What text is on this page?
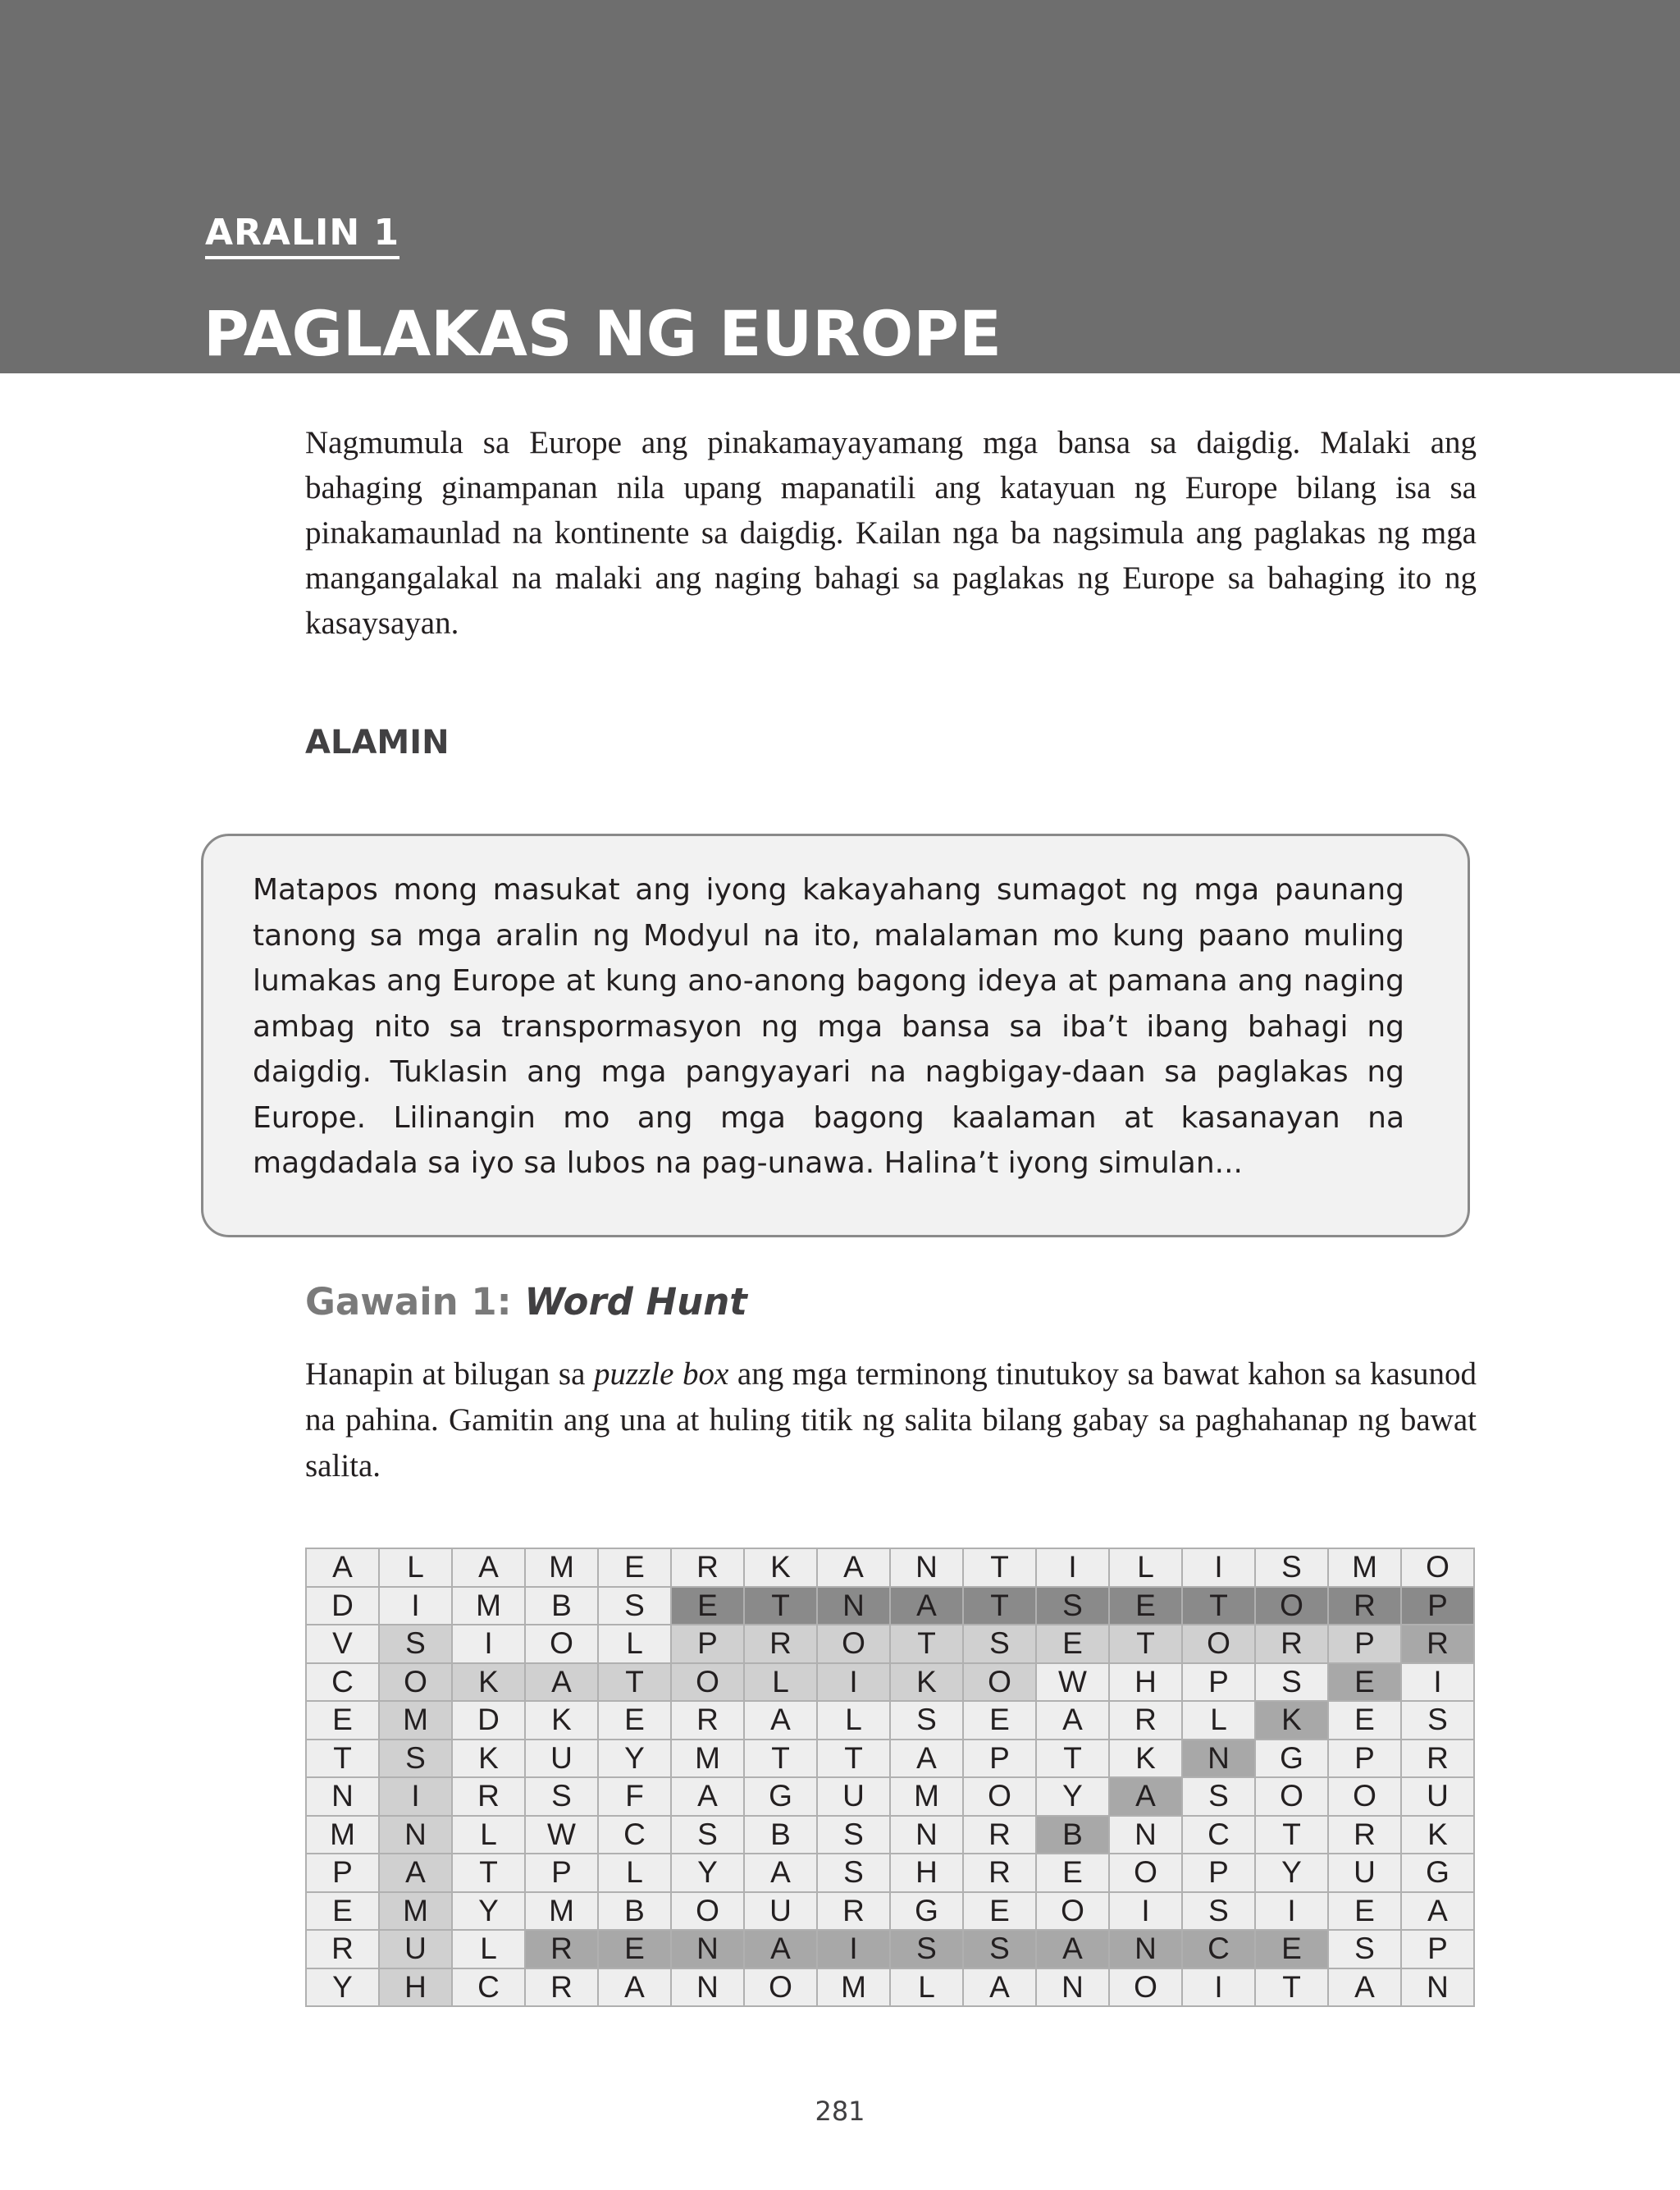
ARALIN 1
PAGLAKAS NG EUROPE

Nagmumula sa Europe ang pinakamayayamang mga bansa sa daigdig. Malaki ang bahaging ginampanan nila upang mapanatili ang katayuan ng Europe bilang isa sa pinakamaunlad na kontinente sa daigdig. Kailan nga ba nagsimula ang paglakas ng mga mangangalakal na malaki ang naging bahagi sa paglakas ng Europe sa bahaging ito ng kasaysayan.

ALAMIN

Matapos mong masukat ang iyong kakayahang sumagot ng mga paunang tanong sa mga aralin ng Modyul na ito, malalaman mo kung paano muling lumakas ang Europe at kung ano-anong bagong ideya at pamana ang naging ambag nito sa transpormasyon ng mga bansa sa iba’t ibang bahagi ng daigdig. Tuklasin ang mga pangyayari na nagbigay-daan sa paglakas ng Europe. Lilinangin mo ang mga bagong kaalaman at kasanayan na magdadala sa iyo sa lubos na pag-unawa. Halina’t iyong simulan...

Gawain 1: Word Hunt

Hanapin at bilugan sa puzzle box ang mga terminong tinutukoy sa bawat kahon sa kasunod na pahina. Gamitin ang una at huling titik ng salita bilang gabay sa paghahanap ng bawat salita.

A	L	A	M	E	R	K	A	N	T	I	L	I	S	M	O
D	I	M	B	S	E	T	N	A	T	S	E	T	O	R	P
V	S	I	O	L	P	R	O	T	S	E	T	O	R	P	R
C	O	K	A	T	O	L	I	K	O	W	H	P	S	E	I
E	M	D	K	E	R	A	L	S	E	A	R	L	K	E	S
T	S	K	U	Y	M	T	T	A	P	T	K	N	G	P	R
N	I	R	S	F	A	G	U	M	O	Y	A	S	O	O	U
M	N	L	W	C	S	B	S	N	R	B	N	C	T	R	K
P	A	T	P	L	Y	A	S	H	R	E	O	P	Y	U	G
E	M	Y	M	B	O	U	R	G	E	O	I	S	I	E	A
R	U	L	R	E	N	A	I	S	S	A	N	C	E	S	P
Y	H	C	R	A	N	O	M	L	A	N	O	I	T	A	N
281
